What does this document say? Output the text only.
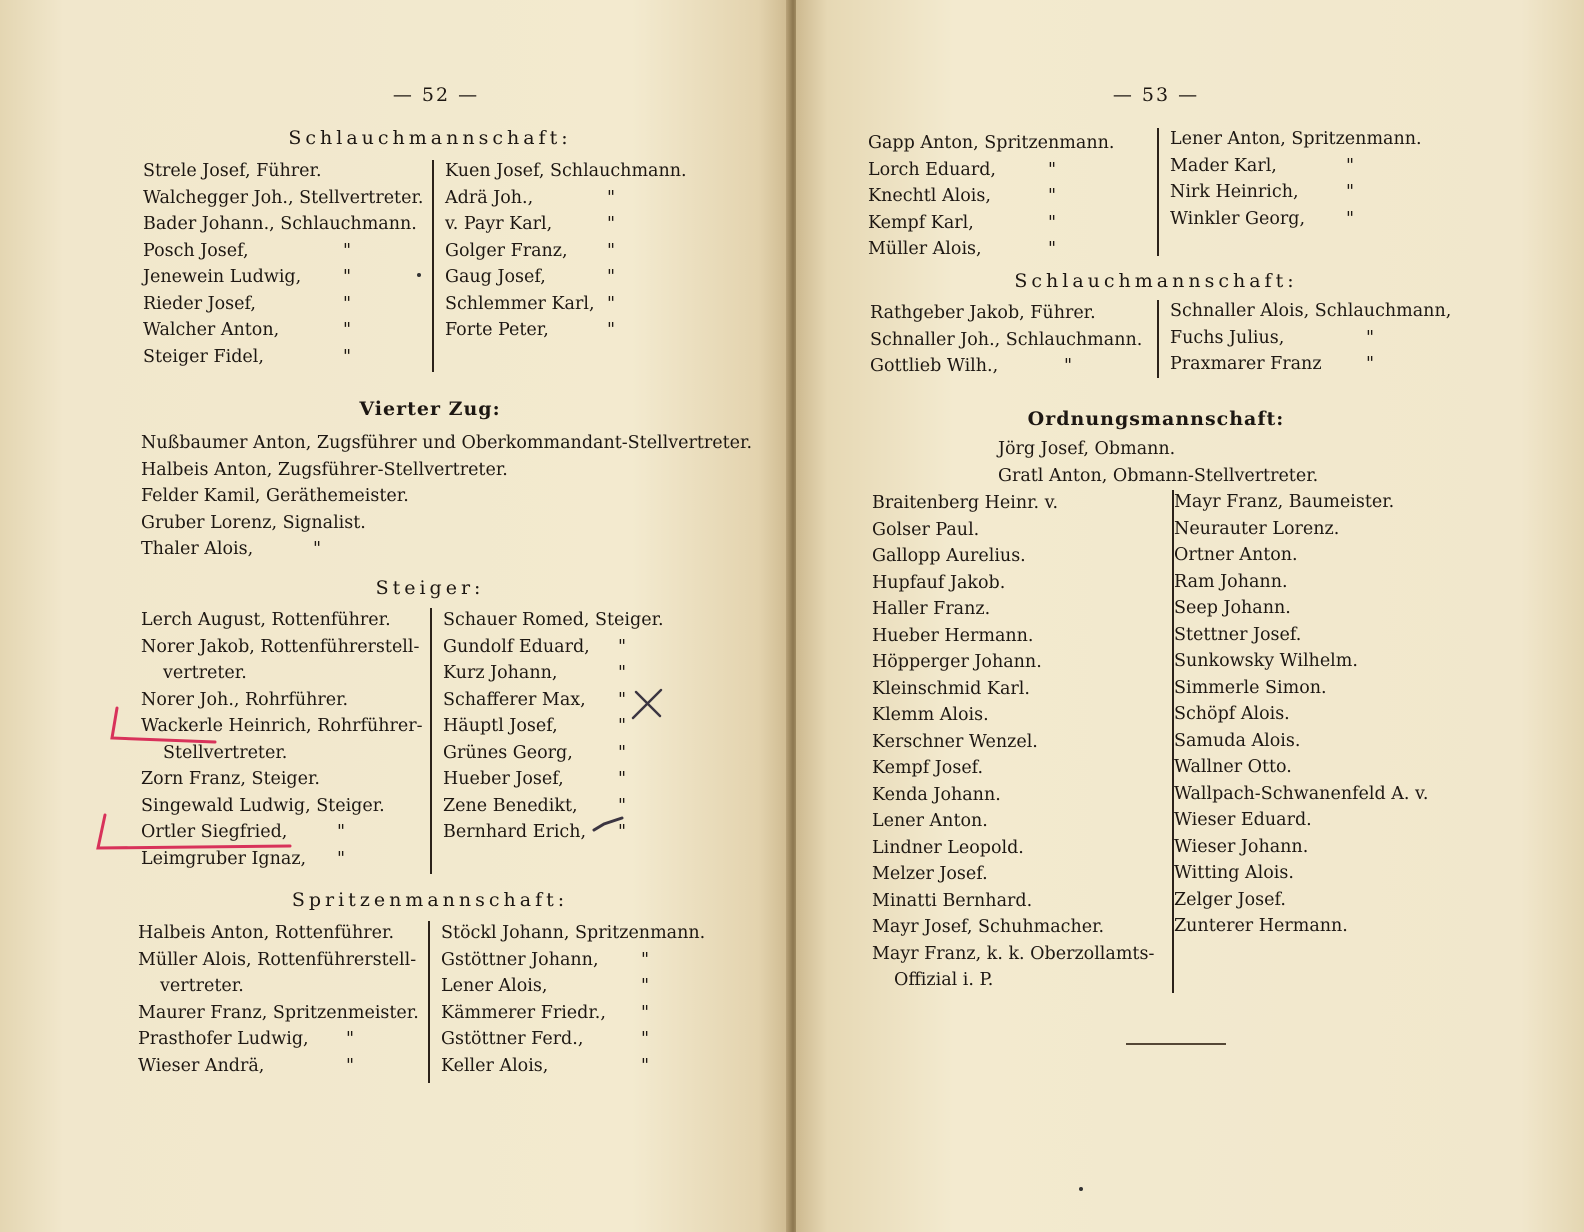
— 52 —
Schlauchmannschaft:
Strele Josef, Führer.
Walchegger Joh., Stellvertreter.
Bader Johann., Schlauchmann.
Posch Josef,	"
Jenewein Ludwig, "
Rieder Josef,	"
Walcher Anton,	"
Steiger Fidel,	"
Kuen Josef, Schlauchmann.
Adrä Joh.,	"
v. Payr Karl,	"
Golger Franz, "
Gaug Josef,	"
Schlemmer Karl, "
Forte Peter,	"
Vierter Zug:
Nußbaumer Anton, Zugsführer und Oberkommandant-Stellvertreter.
Halbeis Anton, Zugsführer-Stellvertreter.
Felder Kamil, Geräthemeister.
Gruber Lorenz, Signalist.
Thaler Alois,	"
Steiger:
Lerch August, Rottenführer.
Norer Jakob, Rottenführerstell-
vertreter.
Norer Joh., Rohrführer.
Wackerle Heinrich, Rohrführer-
Stellvertreter.
Zorn Franz, Steiger.
Singewald Ludwig, Steiger.
Ortler Siegfried,	"
Leimgruber Ignaz, "
Schauer Romed, Steiger.
Gundolf Eduard, "
Kurz Johann,	"
Schafferer Max, "
Häuptl Josef,	"
Grünes Georg,	"
Hueber Josef,	"
Zene Benedikt, "
Bernhard Erich, "
Spritzenmannschaft:
Halbeis Anton, Rottenführer.
Müller Alois, Rottenführerstell-
vertreter.
Maurer Franz, Spritzenmeister.
Prasthofer Ludwig, "
Wieser Andrä,	"
Stöckl Johann, Spritzenmann.
Gstöttner Johann, "
Lener Alois,	"
Kämmerer Friedr., "
Gstöttner Ferd.,	"
Keller Alois,	"
— 53 —
Gapp Anton, Spritzenmann.
Lorch Eduard,	"
Knechtl Alois,	"
Kempf Karl,	"
Müller Alois,	"
Lener Anton, Spritzenmann.
Mader Karl,	"
Nirk Heinrich,	"
Winkler Georg, "
Schlauchmannschaft:
Rathgeber Jakob, Führer.
Schnaller Joh., Schlauchmann.
Gottlieb Wilh.,	"
Schnaller Alois, Schlauchmann,
Fuchs Julius,	"
Praxmarer Franz	"
Ordnungsmannschaft:
Jörg Josef, Obmann.
Gratl Anton, Obmann-Stellvertreter.
Braitenberg Heinr. v.
Golser Paul.
Gallopp Aurelius.
Hupfauf Jakob.
Haller Franz.
Hueber Hermann.
Höpperger Johann.
Kleinschmid Karl.
Klemm Alois.
Kerschner Wenzel.
Kempf Josef.
Kenda Johann.
Lener Anton.
Lindner Leopold.
Melzer Josef.
Minatti Bernhard.
Mayr Josef, Schuhmacher.
Mayr Franz, k. k. Oberzollamts-
Offizial i. P.
Mayr Franz, Baumeister.
Neurauter Lorenz.
Ortner Anton.
Ram Johann.
Seep Johann.
Stettner Josef.
Sunkowsky Wilhelm.
Simmerle Simon.
Schöpf Alois.
Samuda Alois.
Wallner Otto.
Wallpach-Schwanenfeld A. v.
Wieser Eduard.
Wieser Johann.
Witting Alois.
Zelger Josef.
Zunterer Hermann.
